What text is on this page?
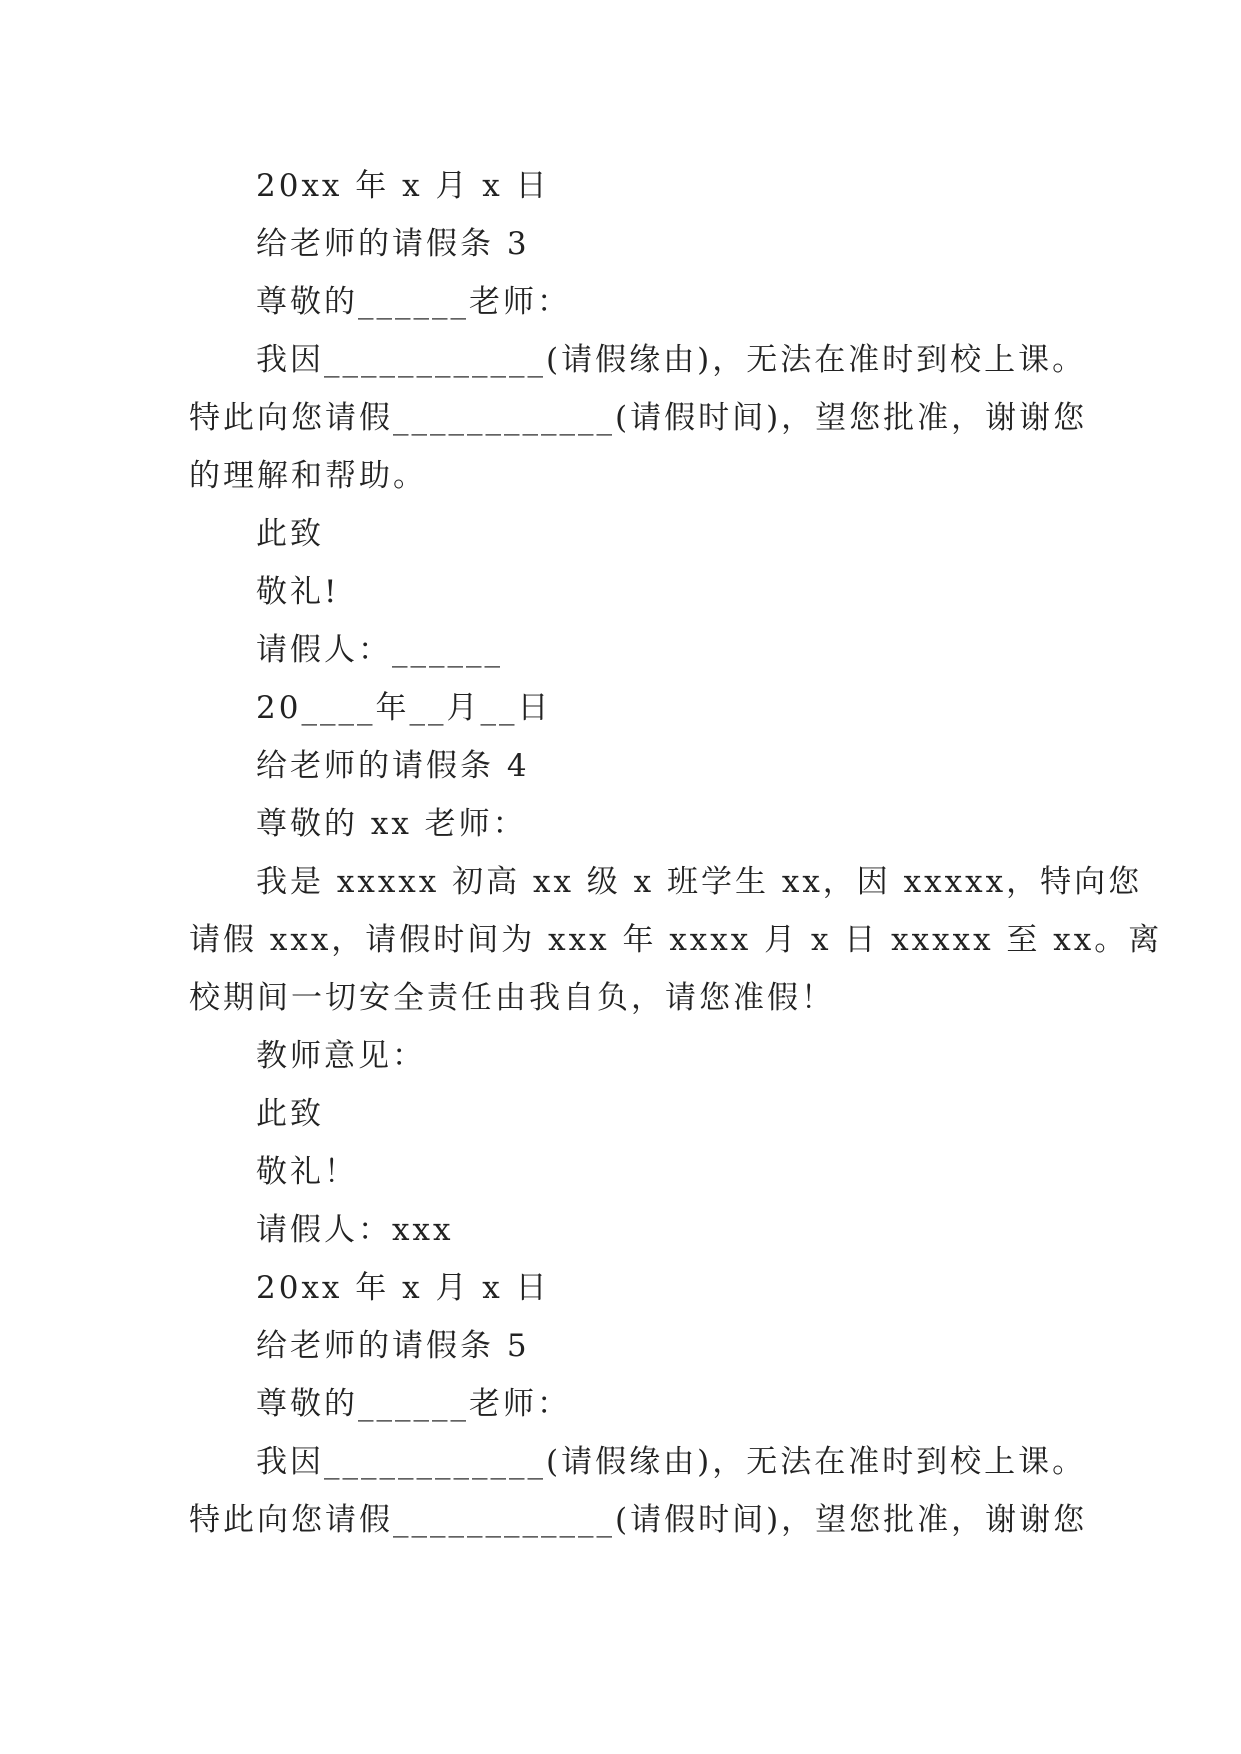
20xx 年 x 月 x 日
给老师的请假条 3
尊敬的______老师：
我因____________(请假缘由)，无法在准时到校上课。
特此向您请假____________(请假时间)，望您批准，谢谢您
的理解和帮助。
此致
敬礼!
请假人：______
20____年__月__日
给老师的请假条 4
尊敬的 xx 老师：
我是 xxxxx 初高 xx 级 x 班学生 xx，因 xxxxx，特向您
请假 xxx，请假时间为 xxx 年 xxxx 月 x 日 xxxxx 至 xx。离
校期间一切安全责任由我自负，请您准假！
教师意见：
此致
敬礼！
请假人：xxx
20xx 年 x 月 x 日
给老师的请假条 5
尊敬的______老师：
我因____________(请假缘由)，无法在准时到校上课。
特此向您请假____________(请假时间)，望您批准，谢谢您
